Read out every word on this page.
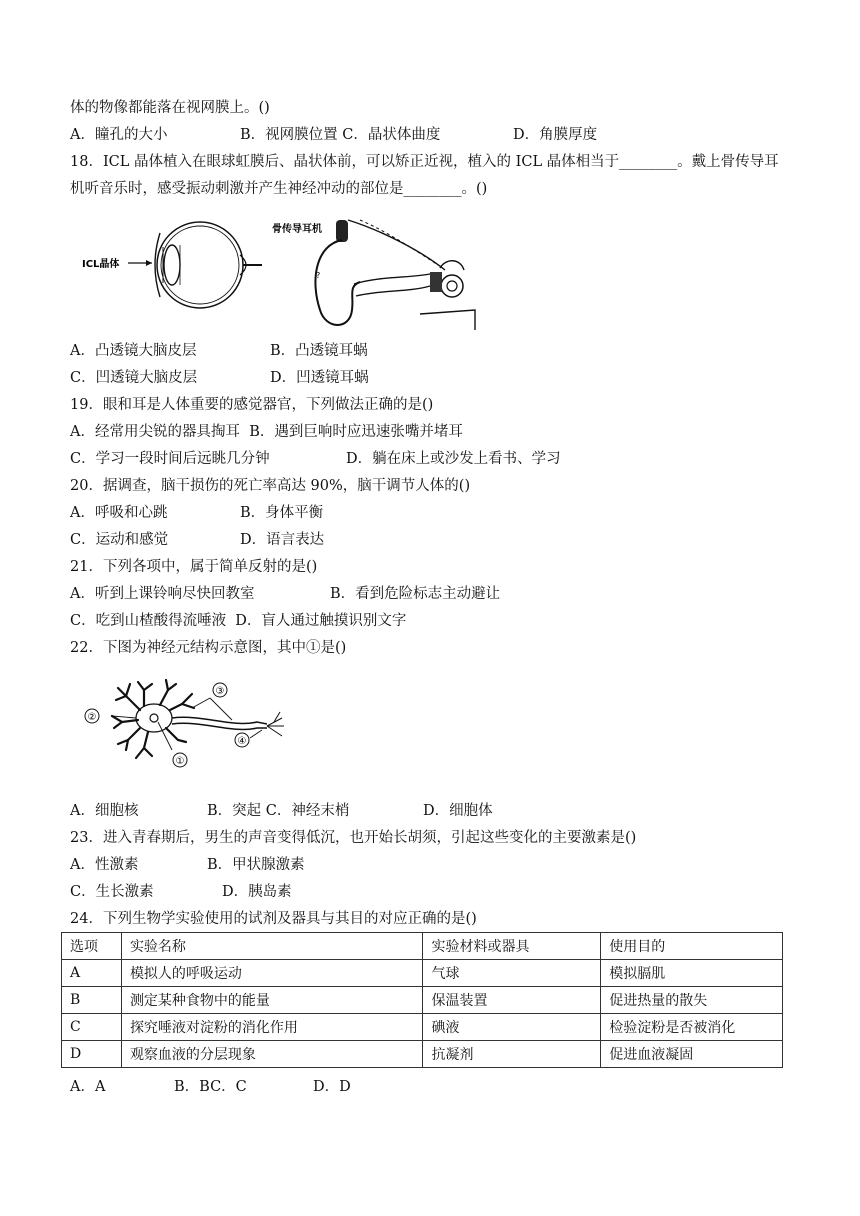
体的物像都能落在视网膜上。()
A．瞳孔的大小	B．视网膜位置 C．晶状体曲度	D．角膜厚度
18．ICL 晶体植入在眼球虹膜后、晶状体前，可以矫正近视，植入的 ICL 晶体相当于________。戴上骨传导耳
机听音乐时，感受振动刺激并产生神经冲动的部位是________。()
ICL晶体
骨传导耳机
?
A．凸透镜大脑皮层	B．凸透镜耳蜗
C．凹透镜大脑皮层	D．凹透镜耳蜗
19．眼和耳是人体重要的感觉器官，下列做法正确的是()
A．经常用尖锐的器具掏耳  B．遇到巨响时应迅速张嘴并堵耳
C．学习一段时间后远眺几分钟	D．躺在床上或沙发上看书、学习
20．据调查，脑干损伤的死亡率高达 90%，脑干调节人体的()
A．呼吸和心跳	B．身体平衡
C．运动和感觉	D．语言表达
21．下列各项中，属于简单反射的是()
A．听到上课铃响尽快回教室	B．看到危险标志主动避让
C．吃到山楂酸得流唾液  D．盲人通过触摸识别文字
22．下图为神经元结构示意图，其中①是()
①
②
③
④
A．细胞核	B．突起 C．神经末梢	D．细胞体
23．进入青春期后，男生的声音变得低沉，也开始长胡须，引起这些变化的主要激素是()
A．性激素	B．甲状腺激素
C．生长激素	D．胰岛素
24．下列生物学实验使用的试剂及器具与其目的对应正确的是()
选项	实验名称	实验材料或器具	使用目的
A	模拟人的呼吸运动	气球	模拟膈肌
B	测定某种食物中的能量	保温装置	促进热量的散失
C	探究唾液对淀粉的消化作用	碘液	检验淀粉是否被消化
D	观察血液的分层现象	抗凝剂	促进血液凝固
A．A	B．BC．C	D．D
